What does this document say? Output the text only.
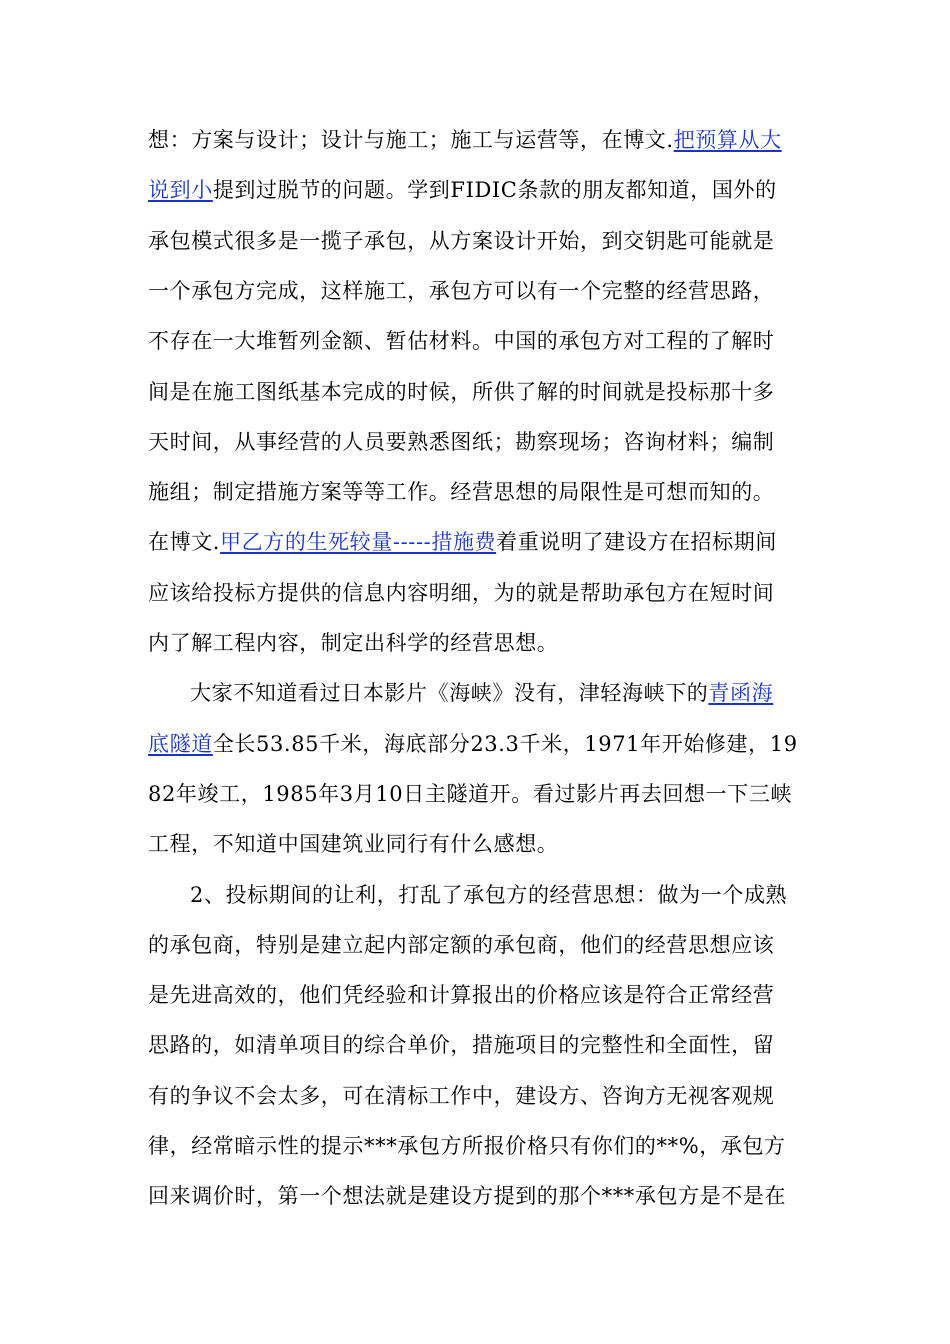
想：方案与设计；设计与施工；施工与运营等，在博文.把预算从大
说到小提到过脱节的问题。学到FIDIC条款的朋友都知道，国外的
承包模式很多是一揽子承包，从方案设计开始，到交钥匙可能就是
一个承包方完成，这样施工，承包方可以有一个完整的经营思路，
不存在一大堆暂列金额、暂估材料。中国的承包方对工程的了解时
间是在施工图纸基本完成的时候，所供了解的时间就是投标那十多
天时间，从事经营的人员要熟悉图纸；勘察现场；咨询材料；编制
施组；制定措施方案等等工作。经营思想的局限性是可想而知的。
在博文.甲乙方的生死较量-----措施费着重说明了建设方在招标期间
应该给投标方提供的信息内容明细，为的就是帮助承包方在短时间
内了解工程内容，制定出科学的经营思想。
大家不知道看过日本影片《海峡》没有，津轻海峡下的青函海
底隧道全长53.85千米，海底部分23.3千米，1971年开始修建，19
82年竣工，1985年3月10日主隧道开。看过影片再去回想一下三峡
工程，不知道中国建筑业同行有什么感想。
2、投标期间的让利，打乱了承包方的经营思想：做为一个成熟
的承包商，特别是建立起内部定额的承包商，他们的经营思想应该
是先进高效的，他们凭经验和计算报出的价格应该是符合正常经营
思路的，如清单项目的综合单价，措施项目的完整性和全面性，留
有的争议不会太多，可在清标工作中，建设方、咨询方无视客观规
律，经常暗示性的提示***承包方所报价格只有你们的**%，承包方
回来调价时，第一个想法就是建设方提到的那个***承包方是不是在
